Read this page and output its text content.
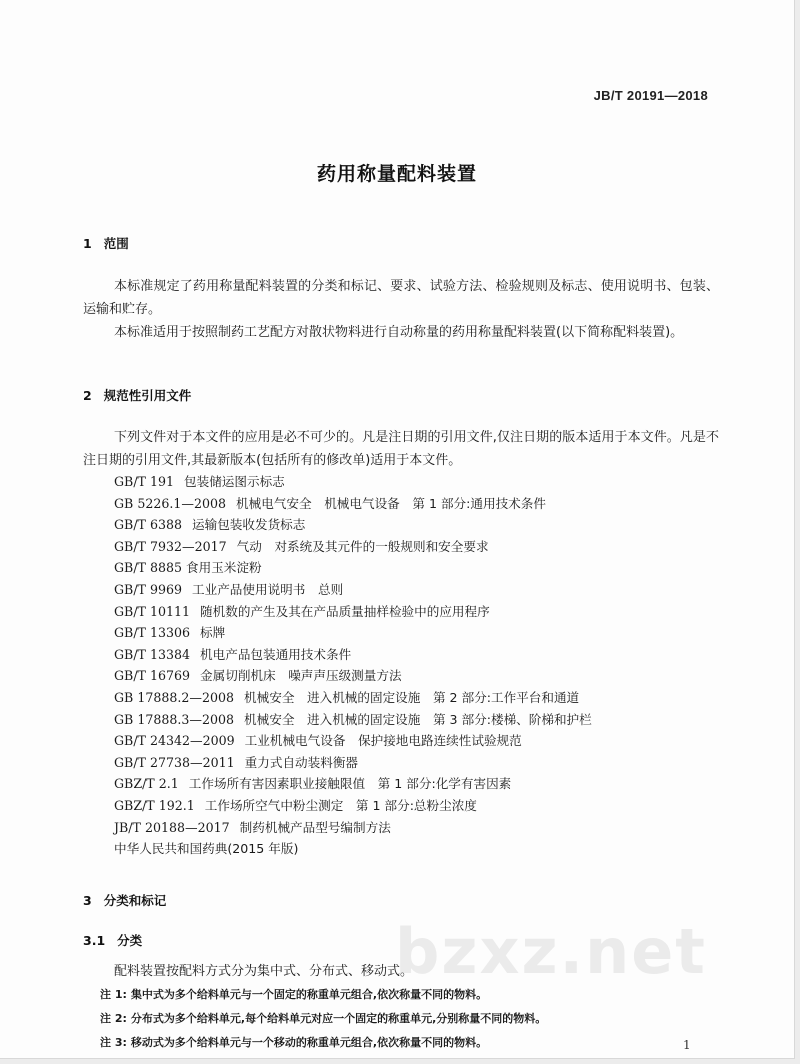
JB/T 20191—2018
药用称量配料装置
1 范围
本标准规定了药用称量配料装置的分类和标记、要求、试验方法、检验规则及标志、使用说明书、包装、运输和贮存。
本标准适用于按照制药工艺配方对散状物料进行自动称量的药用称量配料装置(以下简称配料装置)。
2 规范性引用文件
下列文件对于本文件的应用是必不可少的。凡是注日期的引用文件,仅注日期的版本适用于本文件。凡是不注日期的引用文件,其最新版本(包括所有的修改单)适用于本文件。
GB/T 191 包装储运图示标志
GB 5226.1—2008 机械电气安全　机械电气设备　第 1 部分:通用技术条件
GB/T 6388 运输包装收发货标志
GB/T 7932—2017 气动　对系统及其元件的一般规则和安全要求
GB/T 8885 食用玉米淀粉
GB/T 9969 工业产品使用说明书　总则
GB/T 10111 随机数的产生及其在产品质量抽样检验中的应用程序
GB/T 13306 标牌
GB/T 13384 机电产品包装通用技术条件
GB/T 16769 金属切削机床　噪声声压级测量方法
GB 17888.2—2008 机械安全　进入机械的固定设施　第 2 部分:工作平台和通道
GB 17888.3—2008 机械安全　进入机械的固定设施　第 3 部分:楼梯、阶梯和护栏
GB/T 24342—2009 工业机械电气设备　保护接地电路连续性试验规范
GB/T 27738—2011 重力式自动装料衡器
GBZ/T 2.1 工作场所有害因素职业接触限值　第 1 部分:化学有害因素
GBZ/T 192.1 工作场所空气中粉尘测定　第 1 部分:总粉尘浓度
JB/T 20188—2017 制药机械产品型号编制方法
中华人民共和国药典(2015 年版)
3 分类和标记
3.1 分类
配料装置按配料方式分为集中式、分布式、移动式。
注 1: 集中式为多个给料单元与一个固定的称重单元组合,依次称量不同的物料。
注 2: 分布式为多个给料单元,每个给料单元对应一个固定的称重单元,分别称量不同的物料。
注 3: 移动式为多个给料单元与一个移动的称重单元组合,依次称量不同的物料。
bzxz.net
1
